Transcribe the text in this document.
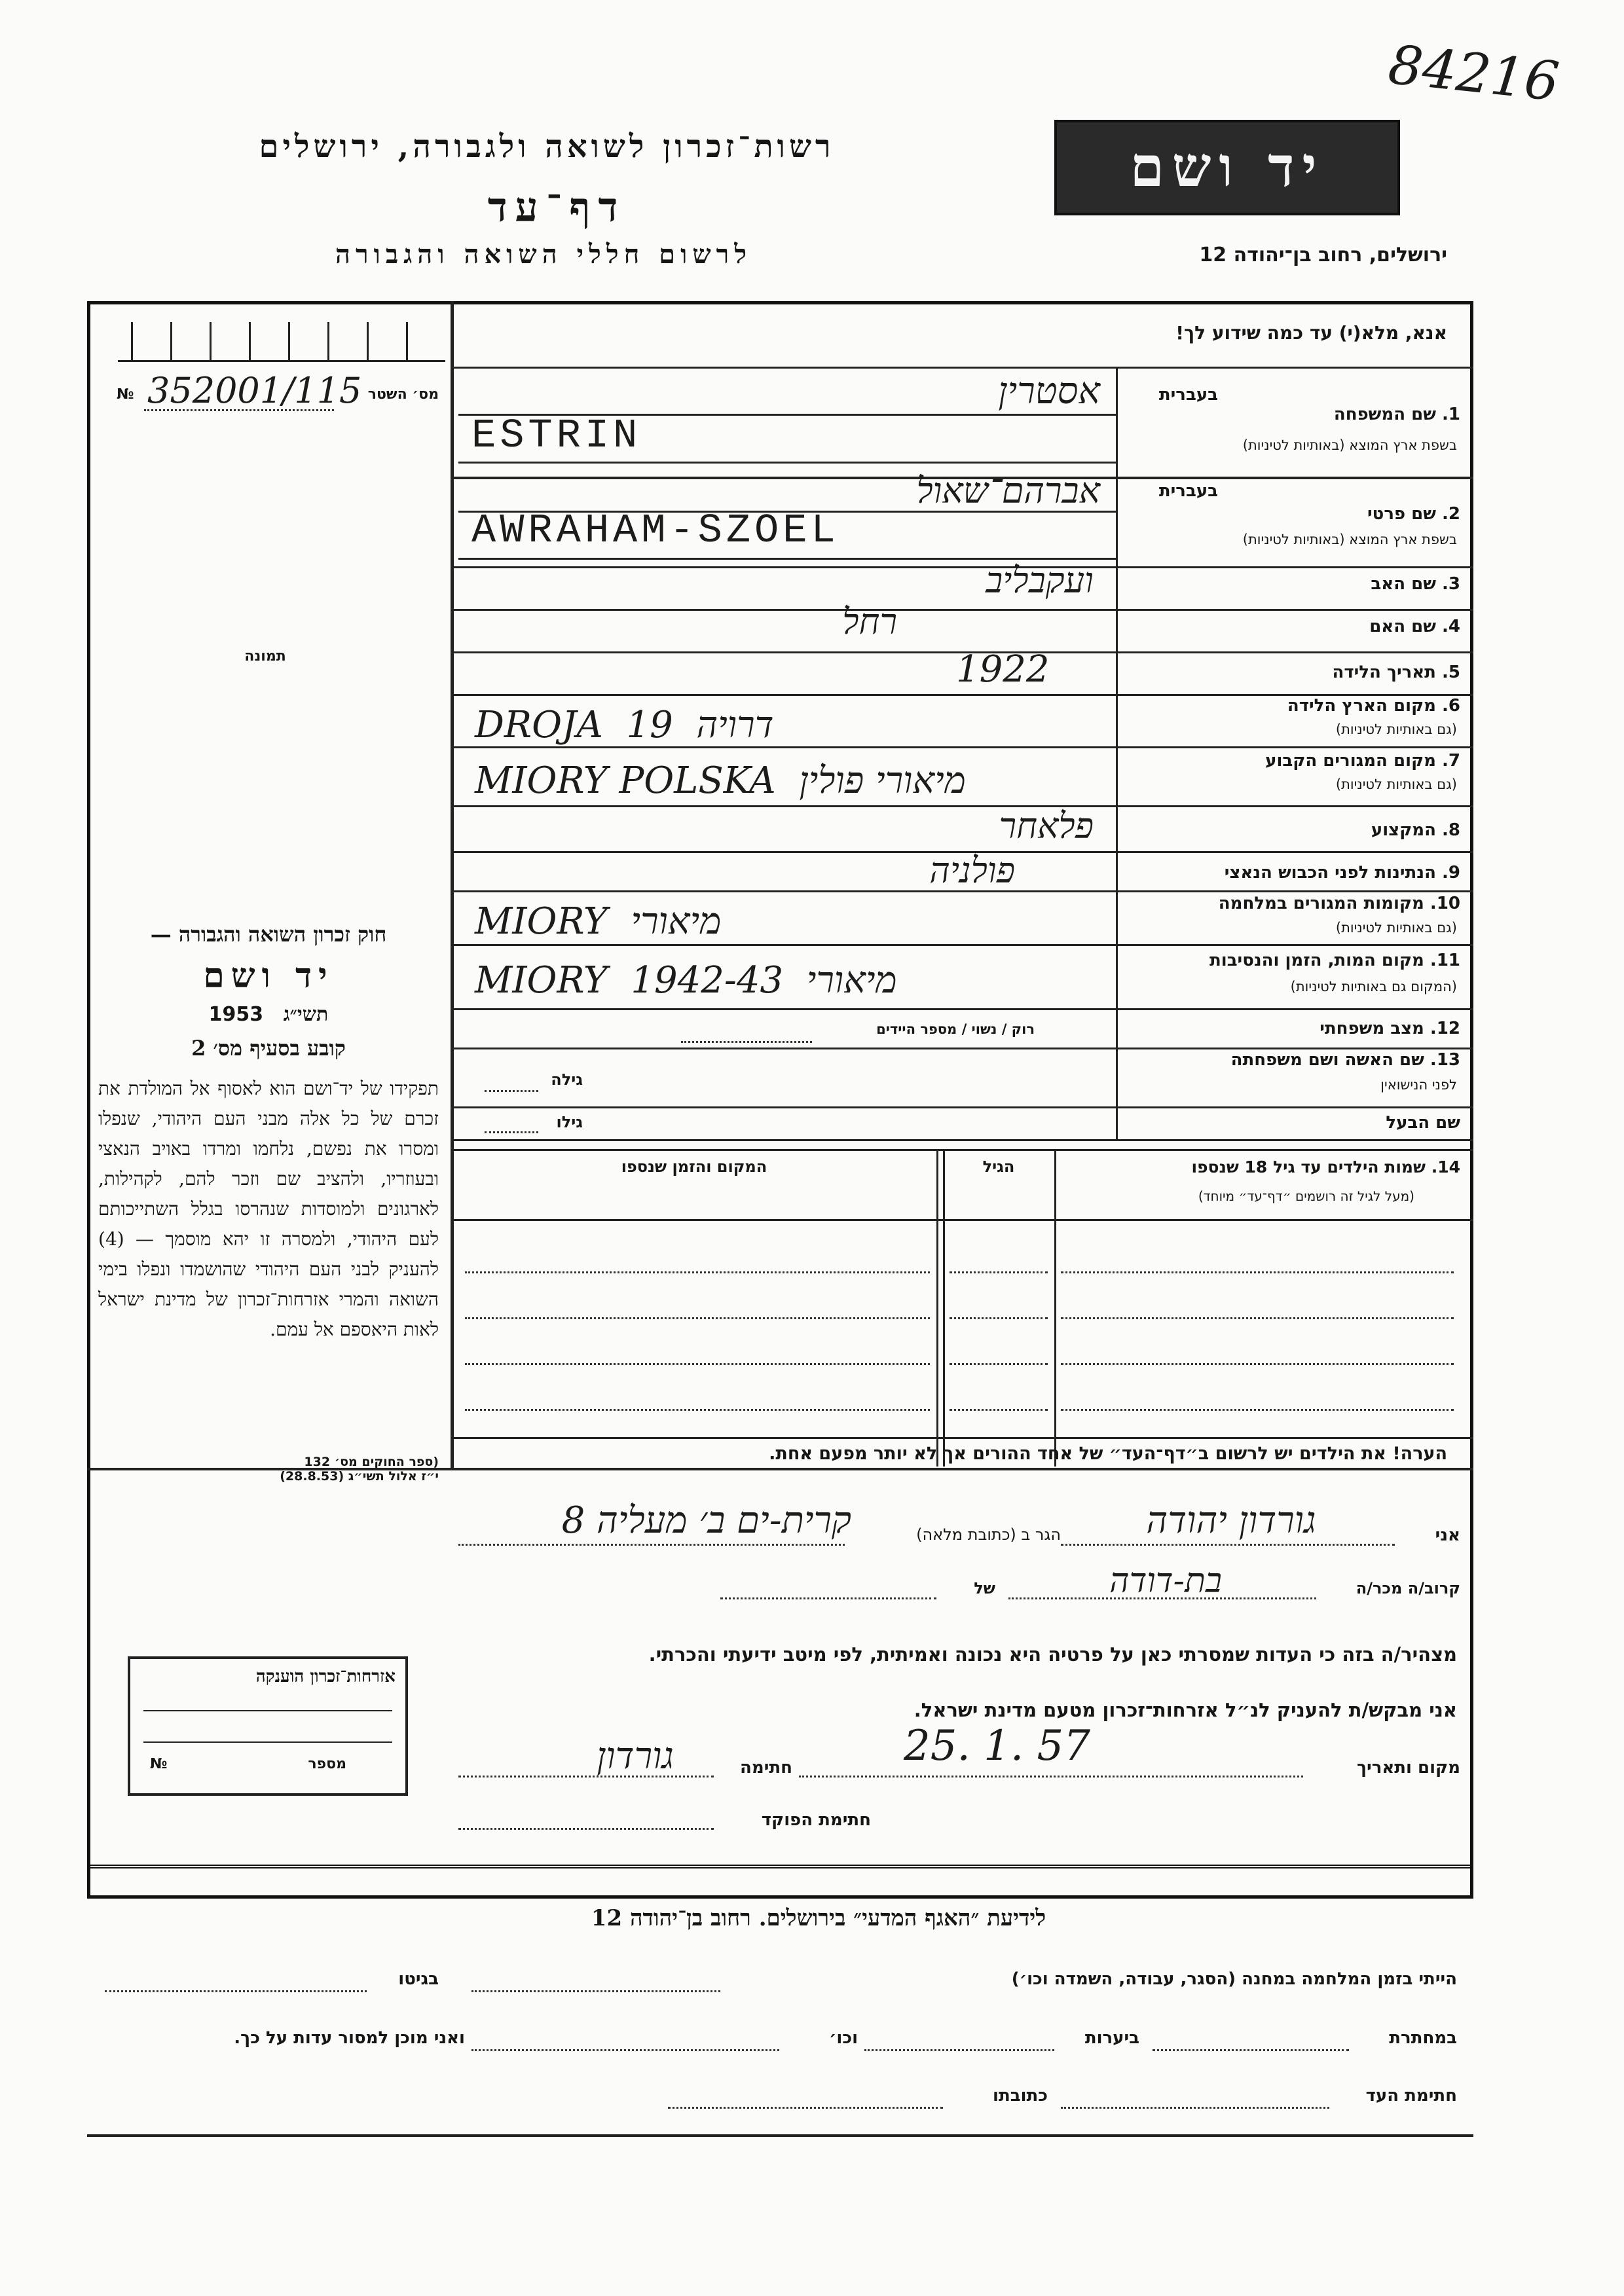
84216
רשות־זכרון לשואה ולגבורה, ירושלים
דף־עד
לרשום חללי השואה והגבורה
יד ושם
ירושלים, רחוב בן־יהודה 12
אנא, מלא(י) עד כמה שידוע לך!
מס׳ השטר
№ 352001/115
תמונה
חוק זכרון השואה והגבורה —
יד ושם
1953 תשי״ג
קובע בסעיף מס׳ 2
תפקידו של יד־ושם הוא לאסוף אל המולדת את זכרם של כל אלה מבני העם היהודי, שנפלו ומסרו את נפשם, נלחמו ומרדו באויב הנאצי ובעוזריו, ולהציב שם וזכר להם, לקהילות, לארגונים ולמוסדות שנהרסו בגלל השתייכותם לעם היהודי, ולמסרה זו יהא מוסמך — (4) להעניק לבני העם היהודי שהושמדו ונפלו בימי השואה והמרי אזרחות־זכרון של מדינת ישראל לאות היאספם אל עמם.
(ספר החוקים מס׳ 132
י״ז אלול תשי״ג (28.8.53)
בעברית
1. שם המשפחה
בשפת ארץ המוצא (באותיות לטיניות)
אסטרין
ESTRIN
בעברית
2. שם פרטי
בשפת ארץ המוצא (באותיות לטיניות)
אברהם־שאול
AWRAHAM-SZOEL
3. שם האב
ועקבליב
4. שם האם
רחל
5. תאריך הלידה
1922
6. מקום הארץ הלידה
(גם באותיות לטיניות)
DROJA  דרויה  19
7. מקום המגורים הקבוע
(גם באותיות לטיניות)
MIORY POLSKA  מיאורי פולין
8. המקצוע
פלאחר
9. הנתינות לפני הכבוש הנאצי
פולניה
10. מקומות המגורים במלחמה
(גם באותיות לטיניות)
MIORY  מיאורי
11. מקום המות, הזמן והנסיבות
(המקום גם באותיות לטיניות)
MIORY  1942-43  מיאורי
12. מצב משפחתי
רוק / נשוי / מספר היידים
13. שם האשה ושם משפחתה
לפני הנישואין
גילה
שם הבעל
גילו
14. שמות הילדים עד גיל 18 שנספו
(מעל לגיל זה רושמים ״דף־עד״ מיוחד)
הגיל
המקום והזמן שנספו
הערה! את הילדים יש לרשום ב״דף־העד״ של אחד ההורים אך לא יותר מפעם אחת.
אני
גורדון יהודה
הגר ב (כתובת מלאה)
קרית-ים ב׳ מעליה 8
קרוב/ה מכר/ה
בת-דודה
של
מצהיר/ה בזה כי העדות שמסרתי כאן על פרטיה היא נכונה ואמיתית, לפי מיטב ידיעתי והכרתי.
אני מבקש/ת להעניק לנ״ל אזרחות־זכרון מטעם מדינת ישראל.
מקום ותאריך
25. 1. 57
חתימה
גורדון
חתימת הפוקד
אזרחות־זכרון הוענקה
מספר
№
לידיעת ״האגף המדעי״ בירושלים. רחוב בן־יהודה 12
הייתי בזמן המלחמה במחנה (הסגר, עבודה, השמדה וכו׳)
בגיטו
במחתרת
ביערות
וכו׳
ואני מוכן למסור עדות על כך.
חתימת העד
כתובתו
